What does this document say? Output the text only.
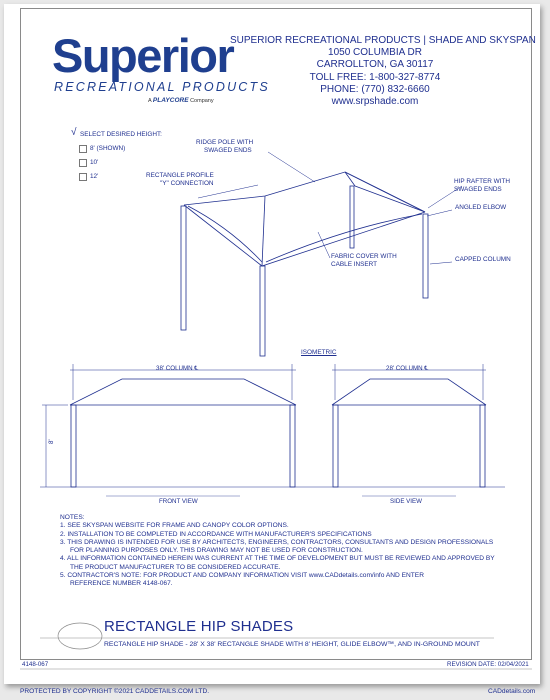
Superior
RECREATIONAL PRODUCTS
A PLAYCORE Company
SUPERIOR RECREATIONAL PRODUCTS | SHADE AND SKYSPAN
1050 COLUMBIA DR
CARROLLTON, GA 30117
TOLL FREE: 1-800-327-8774
PHONE: (770) 832-6660
www.srpshade.com
√ SELECT DESIRED HEIGHT:
8' (SHOWN)
10'
12'
RIDGE POLE WITH
SWAGED ENDS
RECTANGLE PROFILE
"Y" CONNECTION	HIP RAFTER WITH
SWAGED ENDS
ANGLED ELBOW
FABRIC COVER WITH
CABLE INSERT
CAPPED COLUMN
ISOMETRIC
38' COLUMN ℄	28' COLUMN ℄
8'
FRONT VIEW	SIDE VIEW
NOTES:
1. SEE SKYSPAN WEBSITE FOR FRAME AND CANOPY COLOR OPTIONS.
2. INSTALLATION TO BE COMPLETED IN ACCORDANCE WITH MANUFACTURER'S SPECIFICATIONS
3. THIS DRAWING IS INTENDED FOR USE BY ARCHITECTS, ENGINEERS, CONTRACTORS, CONSULTANTS AND DESIGN PROFESSIONALS
FOR PLANNING PURPOSES ONLY. THIS DRAWING MAY NOT BE USED FOR CONSTRUCTION.
4. ALL INFORMATION CONTAINED HEREIN WAS CURRENT AT THE TIME OF DEVELOPMENT BUT MUST BE REVIEWED AND APPROVED BY
THE PRODUCT MANUFACTURER TO BE CONSIDERED ACCURATE.
5. CONTRACTOR'S NOTE: FOR PRODUCT AND COMPANY INFORMATION VISIT www.CADdetails.com/info AND ENTER
REFERENCE NUMBER 4148-067.
RECTANGLE HIP SHADES
RECTANGLE HIP SHADE - 28' X 38' RECTANGLE SHADE WITH 8' HEIGHT, GLIDE ELBOW™, AND IN-GROUND MOUNT
4148-067	REVISION DATE: 02/04/2021
PROTECTED BY COPYRIGHT ©2021 CADDETAILS.COM LTD.	CADdetails.com
